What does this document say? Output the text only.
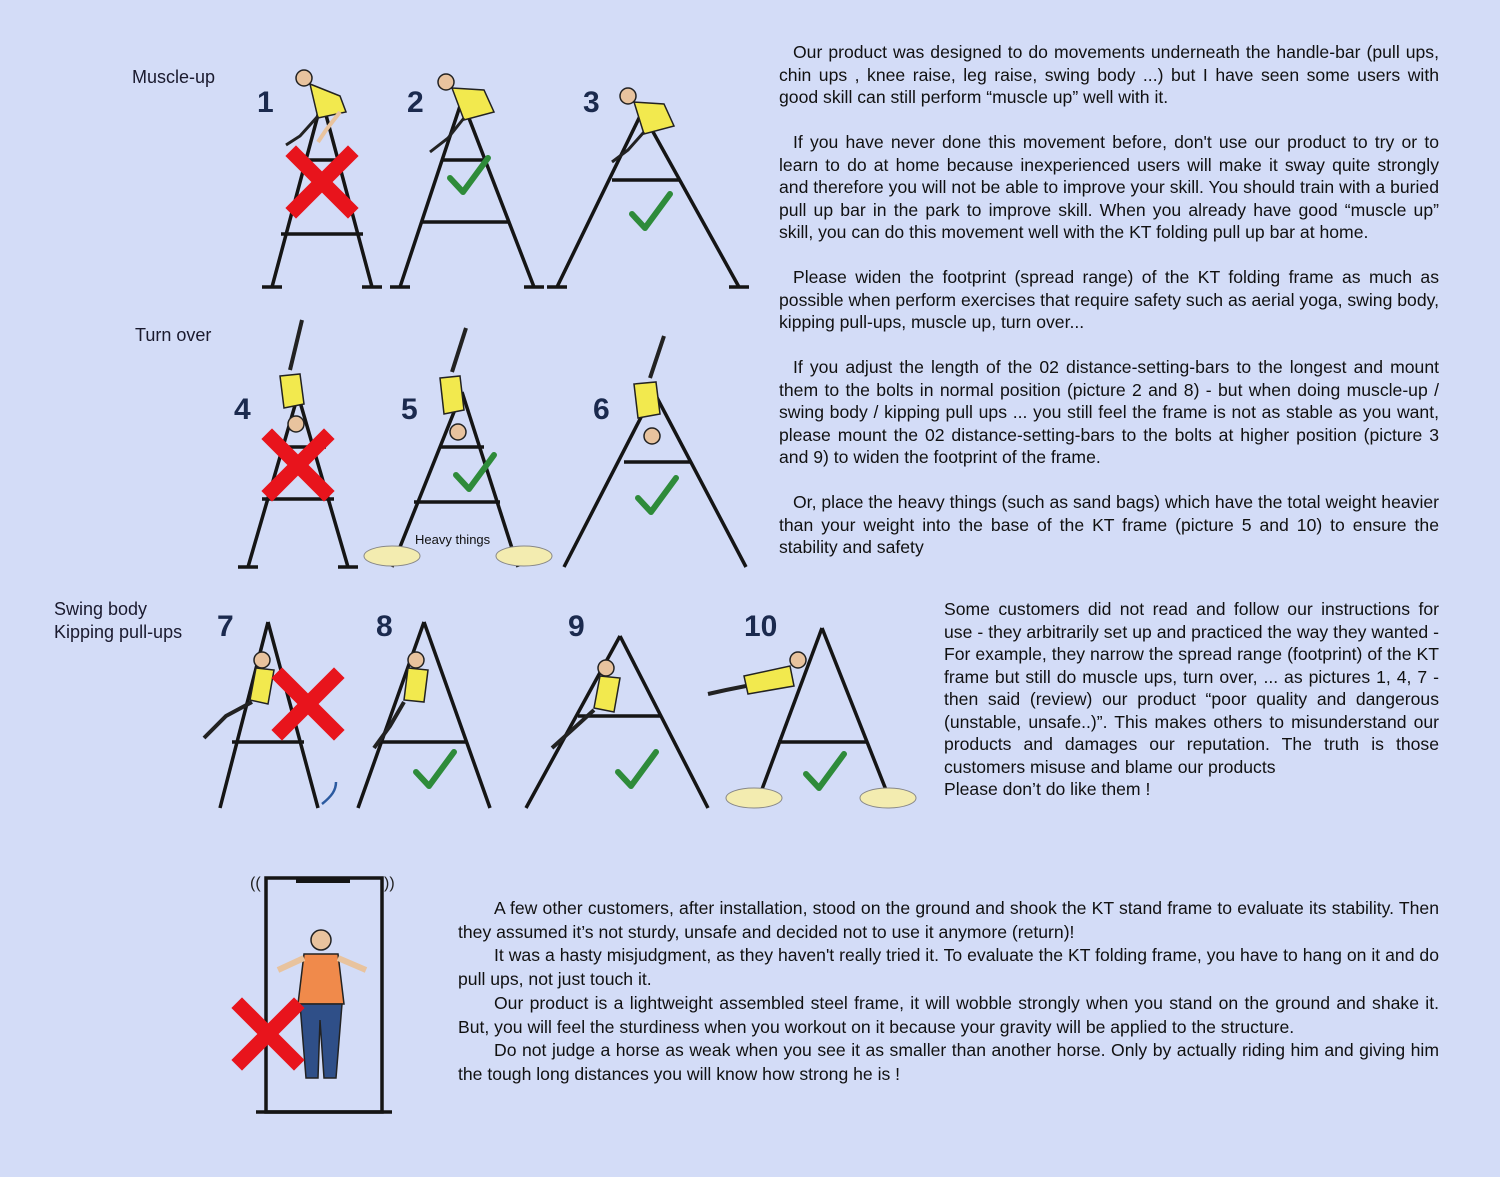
Muscle-up
Turn over
Swing body
Kipping pull-ups
1	2	3
4	5	6
7	8	9	10
((	))
Heavy things

Our product was designed to do movements underneath the handle-bar (pull ups, chin ups , knee raise, leg raise, swing body ...) but I have seen some users with good skill can still perform “muscle up” well with it.

If you have never done this movement before, don't use our product to try or to learn to do at home because inexperienced users will make it sway quite strongly and therefore you will not be able to improve your skill. You should train with a buried pull up bar in the park to improve skill. When you already have good “muscle up” skill, you can do this movement well with the KT folding pull up bar at home.

Please widen the footprint (spread range) of the KT folding frame as much as possible when perform exercises that require safety such as aerial yoga, swing body, kipping pull-ups, muscle up, turn over...

If you adjust the length of the 02 distance-setting-bars to the longest and mount them to the bolts in normal position (picture 2 and 8) - but when doing muscle-up / swing body / kipping pull ups ... you still feel the frame is not as stable as you want, please mount the 02 distance-setting-bars to the bolts at higher position (picture 3 and 9) to widen the footprint of the frame.

Or, place the heavy things (such as sand bags) which have the total weight heavier than your weight into the base of the KT frame (picture 5 and 10) to ensure the stability and safety

Some customers did not read and follow our instructions for use - they arbitrarily set up and practiced the way they wanted - For example, they narrow the spread range (footprint) of the KT frame but still do muscle ups, turn over, ... as pictures 1, 4, 7 - then said (review) our product “poor quality and dangerous (unstable, unsafe..)”. This makes others to misunderstand our products and damages our reputation. The truth is those customers misuse and blame our products

Please don’t do like them !

A few other customers, after installation, stood on the ground and shook the KT stand frame to evaluate its stability. Then they assumed it’s not sturdy, unsafe and decided not to use it anymore (return)!

It was a hasty misjudgment, as they haven't really tried it. To evaluate the KT folding frame, you have to hang on it and do pull ups, not just touch it.

Our product is a lightweight assembled steel frame, it will wobble strongly when you stand on the ground and shake it. But, you will feel the sturdiness when you workout on it because your gravity will be applied to the structure.

Do not judge a horse as weak when you see it as smaller than another horse. Only by actually riding him and giving him the tough long distances you will know how strong he is !
